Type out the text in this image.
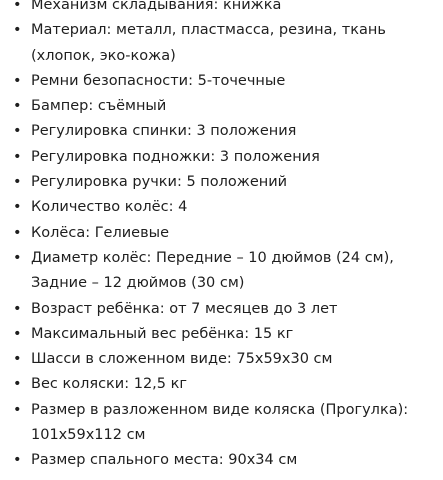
• Механизм складывания: книжка
• Материал: металл, пластмасса, резина, ткань
(хлопок, эко-кожа)
• Ремни безопасности: 5-точечные
• Бампер: съёмный
• Регулировка спинки: 3 положения
• Регулировка подножки: 3 положения
• Регулировка ручки: 5 положений
• Количество колёс: 4
• Колёса: Гелиевые
• Диаметр колёс: Передние – 10 дюймов (24 см),
Задние – 12 дюймов (30 см)
• Возраст ребёнка: от 7 месяцев до 3 лет
• Максимальный вес ребёнка: 15 кг
• Шасси в сложенном виде: 75х59х30 см
• Вес коляски: 12,5 кг
• Размер в разложенном виде коляска (Прогулка):
101х59х112 см
• Размер спального места: 90х34 см
